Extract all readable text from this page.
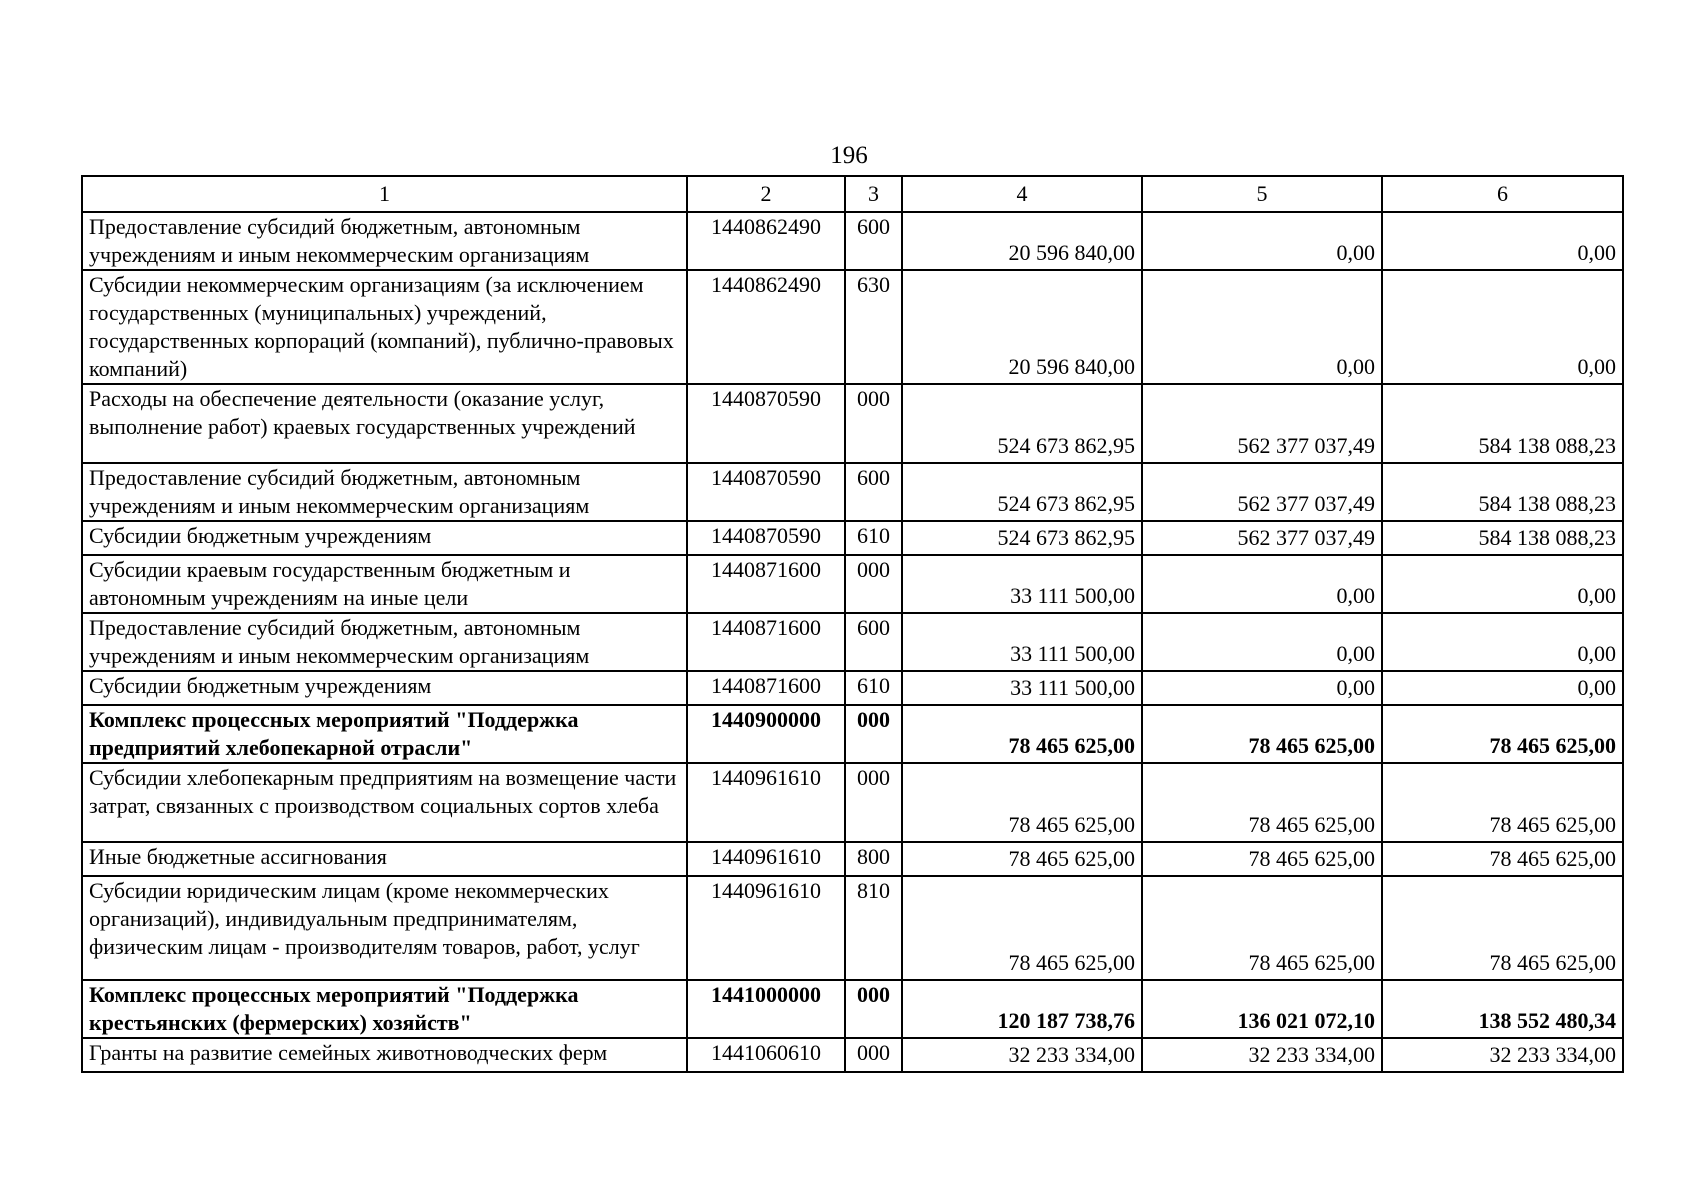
196
1	2	3	4	5	6
Предоставление субсидий бюджетным, автономным учреждениям и иным некоммерческим организациям	1440862490	600	20 596 840,00	0,00	0,00
Субсидии некоммерческим организациям (за исключением государственных (муниципальных) учреждений, государственных корпораций (компаний), публично-правовых компаний)	1440862490	630	20 596 840,00	0,00	0,00
Расходы на обеспечение деятельности (оказание услуг, выполнение работ) краевых государственных учреждений	1440870590	000	524 673 862,95	562 377 037,49	584 138 088,23
Предоставление субсидий бюджетным, автономным учреждениям и иным некоммерческим организациям	1440870590	600	524 673 862,95	562 377 037,49	584 138 088,23
Субсидии бюджетным учреждениям	1440870590	610	524 673 862,95	562 377 037,49	584 138 088,23
Субсидии краевым государственным бюджетным и автономным учреждениям на иные цели	1440871600	000	33 111 500,00	0,00	0,00
Предоставление субсидий бюджетным, автономным учреждениям и иным некоммерческим организациям	1440871600	600	33 111 500,00	0,00	0,00
Субсидии бюджетным учреждениям	1440871600	610	33 111 500,00	0,00	0,00
Комплекс процессных мероприятий "Поддержка предприятий хлебопекарной отрасли"	1440900000	000	78 465 625,00	78 465 625,00	78 465 625,00
Субсидии хлебопекарным предприятиям на возмещение части затрат, связанных с производством социальных сортов хлеба	1440961610	000	78 465 625,00	78 465 625,00	78 465 625,00
Иные бюджетные ассигнования	1440961610	800	78 465 625,00	78 465 625,00	78 465 625,00
Субсидии юридическим лицам (кроме некоммерческих организаций), индивидуальным предпринимателям, физическим лицам - производителям товаров, работ, услуг	1440961610	810	78 465 625,00	78 465 625,00	78 465 625,00
Комплекс процессных мероприятий "Поддержка крестьянских (фермерских) хозяйств"	1441000000	000	120 187 738,76	136 021 072,10	138 552 480,34
Гранты на развитие семейных животноводческих ферм	1441060610	000	32 233 334,00	32 233 334,00	32 233 334,00
